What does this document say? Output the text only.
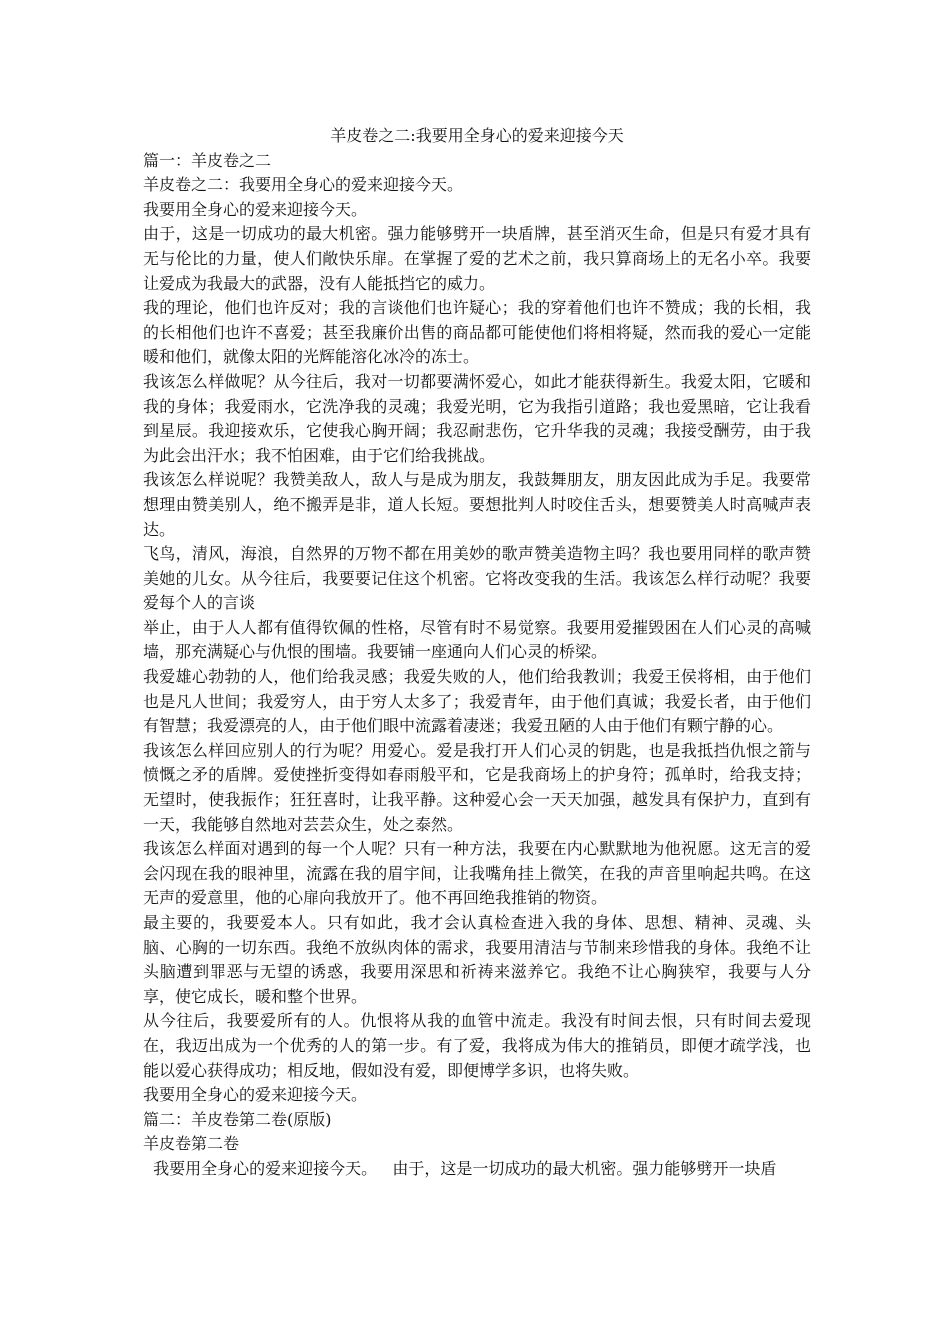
羊皮卷之二:我要用全身心的爱来迎接今天

篇一：羊皮卷之二

羊皮卷之二：我要用全身心的爱来迎接今天。

我要用全身心的爱来迎接今天。

由于，这是一切成功的最大机密。强力能够劈开一块盾牌，甚至消灭生命，但是只有爱才具有无与伦比的力量，使人们敞快乐扉。在掌握了爱的艺术之前，我只算商场上的无名小卒。我要让爱成为我最大的武器，没有人能抵挡它的威力。

我的理论，他们也许反对；我的言谈他们也许疑心；我的穿着他们也许不赞成；我的长相，我的长相他们也许不喜爱；甚至我廉价出售的商品都可能使他们将相将疑，然而我的爱心一定能暖和他们，就像太阳的光辉能溶化冰冷的冻士。

我该怎么样做呢？从今往后，我对一切都要满怀爱心，如此才能获得新生。我爱太阳，它暖和我的身体；我爱雨水，它洗净我的灵魂；我爱光明，它为我指引道路；我也爱黑暗，它让我看到星辰。我迎接欢乐，它使我心胸开阔；我忍耐悲伤，它升华我的灵魂；我接受酬劳，由于我为此会出汗水；我不怕困难，由于它们给我挑战。

我该怎么样说呢？我赞美敌人，敌人与是成为朋友，我鼓舞朋友，朋友因此成为手足。我要常想理由赞美别人，绝不搬弄是非，道人长短。要想批判人时咬住舌头，想要赞美人时高喊声表达。

飞鸟，清风，海浪，自然界的万物不都在用美妙的歌声赞美造物主吗？我也要用同样的歌声赞美她的儿女。从今往后，我要要记住这个机密。它将改变我的生活。我该怎么样行动呢？我要爱每个人的言谈

举止，由于人人都有值得钦佩的性格，尽管有时不易觉察。我要用爱摧毁困在人们心灵的高喊墙，那充满疑心与仇恨的围墙。我要铺一座通向人们心灵的桥梁。

我爱雄心勃勃的人，他们给我灵感；我爱失败的人，他们给我教训；我爱王侯将相，由于他们也是凡人世间；我爱穷人，由于穷人太多了；我爱青年，由于他们真诚；我爱长者，由于他们有智慧；我爱漂亮的人，由于他们眼中流露着凄迷；我爱丑陋的人由于他们有颗宁静的心。

我该怎么样回应别人的行为呢？用爱心。爱是我打开人们心灵的钥匙，也是我抵挡仇恨之箭与愤慨之矛的盾牌。爱使挫折变得如春雨般平和，它是我商场上的护身符；孤单时，给我支持；无望时，使我振作；狂狂喜时，让我平静。这种爱心会一天天加强，越发具有保护力，直到有一天，我能够自然地对芸芸众生，处之泰然。

我该怎么样面对遇到的每一个人呢？只有一种方法，我要在内心默默地为他祝愿。这无言的爱会闪现在我的眼神里，流露在我的眉宇间，让我嘴角挂上微笑，在我的声音里响起共鸣。在这无声的爱意里，他的心扉向我放开了。他不再回绝我推销的物资。

最主要的，我要爱本人。只有如此，我才会认真检查进入我的身体、思想、精神、灵魂、头脑、心胸的一切东西。我绝不放纵肉体的需求，我要用清洁与节制来珍惜我的身体。我绝不让头脑遭到罪恶与无望的诱惑，我要用深思和祈祷来滋养它。我绝不让心胸狭窄，我要与人分享，使它成长，暖和整个世界。

从今往后，我要爱所有的人。仇恨将从我的血管中流走。我没有时间去恨，只有时间去爱现在，我迈出成为一个优秀的人的第一步。有了爱，我将成为伟大的推销员，即便才疏学浅，也能以爱心获得成功；相反地，假如没有爱，即便博学多识，也将失败。

我要用全身心的爱来迎接今天。

篇二：羊皮卷第二卷(原版)

羊皮卷第二卷

我要用全身心的爱来迎接今天。   由于，这是一切成功的最大机密。强力能够劈开一块盾
